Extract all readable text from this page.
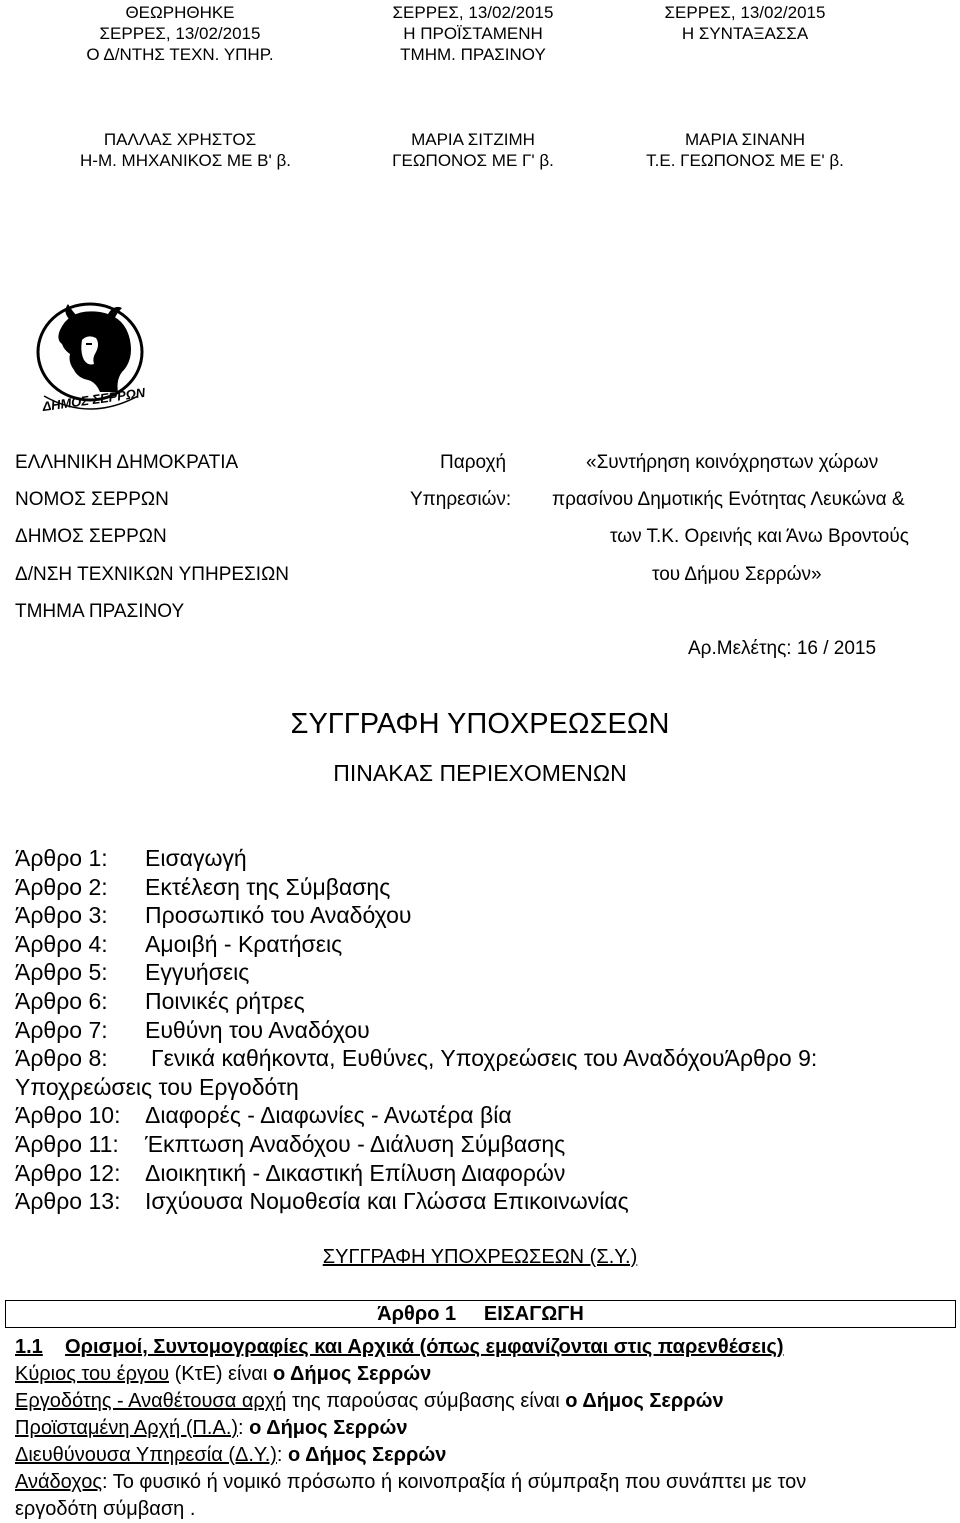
ΘΕΩΡΗΘΗΚΕ
ΣΕΡΡΕΣ, 13/02/2015
Ο Δ/ΝΤΗΣ ΤΕΧΝ. ΥΠΗΡ.
ΠΑΛΛΑΣ ΧΡΗΣΤΟΣ
Η-Μ. ΜΗΧΑΝΙΚΟΣ ΜΕ Β' β.
ΣΕΡΡΕΣ, 13/02/2015
Η ΠΡΟΪΣΤΑΜΕΝΗ
ΤΜΗΜ. ΠΡΑΣΙΝΟΥ
ΜΑΡΙΑ ΣΙΤΖΙΜΗ
ΓΕΩΠΟΝΟΣ ΜΕ Γ' β.
ΣΕΡΡΕΣ, 13/02/2015
Η ΣΥΝΤΑΞΑΣΣΑ
ΜΑΡΙΑ ΣΙΝΑΝΗ
Τ.Ε. ΓΕΩΠΟΝΟΣ ΜΕ Ε' β.
ΔΗΜΟΣ ΣΕΡΡΩΝ
ΕΛΛΗΝΙΚΗ ΔΗΜΟΚΡΑΤΙΑ
ΝΟΜΟΣ ΣΕΡΡΩΝ
ΔΗΜΟΣ ΣΕΡΡΩΝ
Δ/ΝΣΗ ΤΕΧΝΙΚΩΝ ΥΠΗΡΕΣΙΩΝ
ΤΜΗΜΑ ΠΡΑΣΙΝΟΥ
Παροχή
Υπηρεσιών:
«Συντήρηση κοινόχρηστων χώρων
πρασίνου Δημοτικής Ενότητας Λευκώνα &
των Τ.Κ. Ορεινής και Άνω Βροντούς
του Δήμου Σερρών»
Αρ.Μελέτης: 16 / 2015
ΣΥΓΓΡΑΦΗ ΥΠΟΧΡΕΩΣΕΩΝ
ΠΙΝΑΚΑΣ ΠΕΡΙΕΧΟΜΕΝΩΝ
Άρθρο 1: Εισαγωγή
Άρθρο 2: Εκτέλεση της Σύμβασης
Άρθρο 3: Προσωπικό του Αναδόχου
Άρθρο 4: Αμοιβή - Κρατήσεις
Άρθρο 5: Εγγυήσεις
Άρθρο 6: Ποινικές ρήτρες
Άρθρο 7: Ευθύνη του Αναδόχου
Άρθρο 8: Γενικά καθήκοντα, Ευθύνες, Υποχρεώσεις του ΑναδόχουΆρθρο 9:
Υποχρεώσεις του Εργοδότη
Άρθρο 10: Διαφορές - Διαφωνίες - Ανωτέρα βία
Άρθρο 11: Έκπτωση Αναδόχου - Διάλυση Σύμβασης
Άρθρο 12: Διοικητική - Δικαστική Επίλυση Διαφορών
Άρθρο 13: Ισχύουσα Νομοθεσία και Γλώσσα Επικοινωνίας
ΣΥΓΓΡΑΦΗ ΥΠΟΧΡΕΩΣΕΩΝ (Σ.Υ.)
Άρθρο 1     ΕΙΣΑΓΩΓΗ
1.1 Ορισμοί, Συντομογραφίες και Αρχικά (όπως εμφανίζονται στις παρενθέσεις)
Κύριος του έργου (ΚτΕ) είναι ο Δήμος Σερρών
Εργοδότης - Αναθέτουσα αρχή της παρούσας σύμβασης είναι ο Δήμος Σερρών
Προϊσταμένη Αρχή (Π.Α.): ο Δήμος Σερρών
Διευθύνουσα Υπηρεσία (Δ.Υ.): ο Δήμος Σερρών
Ανάδοχος: Το φυσικό ή νομικό πρόσωπο ή κοινοπραξία ή σύμπραξη που συνάπτει με τον
εργοδότη σύμβαση .
